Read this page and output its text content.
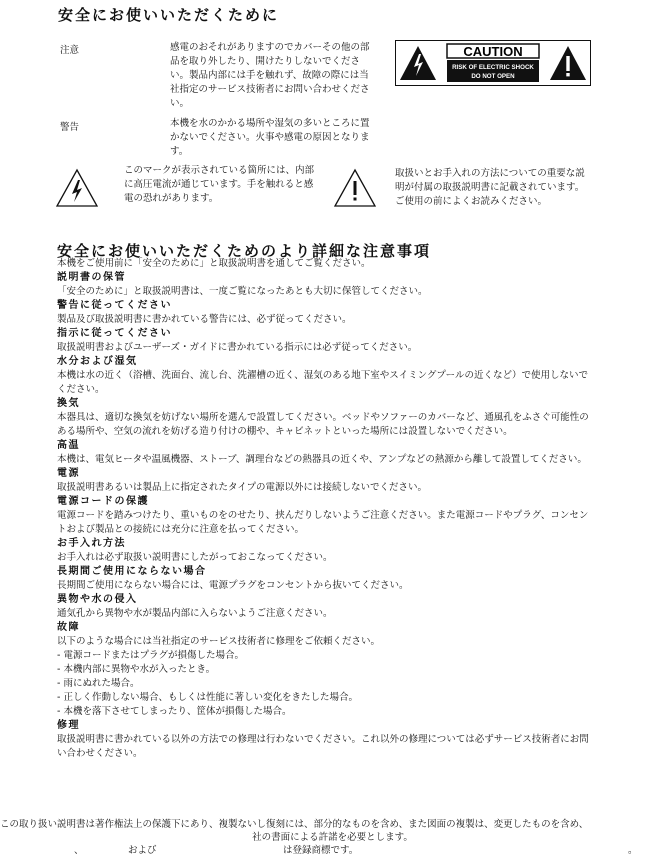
安全にお使いいただくために
注意	感電のおそれがありますのでカバーその他の部品を取り外したり、開けたりしないでください。製品内部には手を触れず、故障の際には当社指定のサービス技術者にお問い合わせください。
警告	本機を水のかかる場所や湿気の多いところに置かないでください。火事や感電の原因となります。
CAUTION
RISK OF ELECTRIC SHOCK
DO NOT OPEN
このマークが表示されている箇所には、内部に高圧電流が通じています。手を触れると感電の恐れがあります。
取扱いとお手入れの方法についての重要な説明が付属の取扱説明書に記載されています。ご使用の前によくお読みください。
安全にお使いいただくためのより詳細な注意事項
本機をご使用前に「安全のために」と取扱説明書を通してご覧ください。
説明書の保管
「安全のために」と取扱説明書は、一度ご覧になったあとも大切に保管してください。
警告に従ってください
製品及び取扱説明書に書かれている警告には、必ず従ってください。
指示に従ってください
取扱説明書およびユーザーズ・ガイドに書かれている指示には必ず従ってください。
水分および湿気
本機は水の近く（浴槽、洗面台、流し台、洗濯槽の近く、湿気のある地下室やスイミングプールの近くなど）で使用しないでください。
換気
本器具は、適切な換気を妨げない場所を選んで設置してください。ベッドやソファーのカバーなど、通風孔をふさぐ可能性のある場所や、空気の流れを妨げる造り付けの棚や、キャビネットといった場所には設置しないでください。
高温
本機は、電気ヒータや温風機器、ストーブ、調理台などの熱器具の近くや、アンプなどの熱源から離して設置してください。
電源
取扱説明書あるいは製品上に指定されたタイプの電源以外には接続しないでください。
電源コードの保護
電源コードを踏みつけたり、重いものをのせたり、挟んだりしないようご注意ください。また電源コードやプラグ、コンセントおよび製品との接続には充分に注意を払ってください。
お手入れ方法
お手入れは必ず取扱い説明書にしたがっておこなってください。
長期間ご使用にならない場合
長期間ご使用にならない場合には、電源プラグをコンセントから抜いてください。
異物や水の侵入
通気孔から異物や水が製品内部に入らないようご注意ください。
故障
以下のような場合には当社指定のサービス技術者に修理をご依頼ください。
- 電源コードまたはプラグが損傷した場合。
- 本機内部に異物や水が入ったとき。
- 雨にぬれた場合。
- 正しく作動しない場合、もしくは性能に著しい変化をきたした場合。
- 本機を落下させてしまったり、筐体が損傷した場合。
修理
取扱説明書に書かれている以外の方法での修理は行わないでください。これ以外の修理については必ずサービス技術者にお問い合わせください。
この取り扱い説明書は著作権法上の保護下にあり、複製ないし復刻には、部分的なものを含め、また図面の複製は、変更したものを含め、
社の書面による許諾を必要とします。
、	および	は登録商標です。	。
